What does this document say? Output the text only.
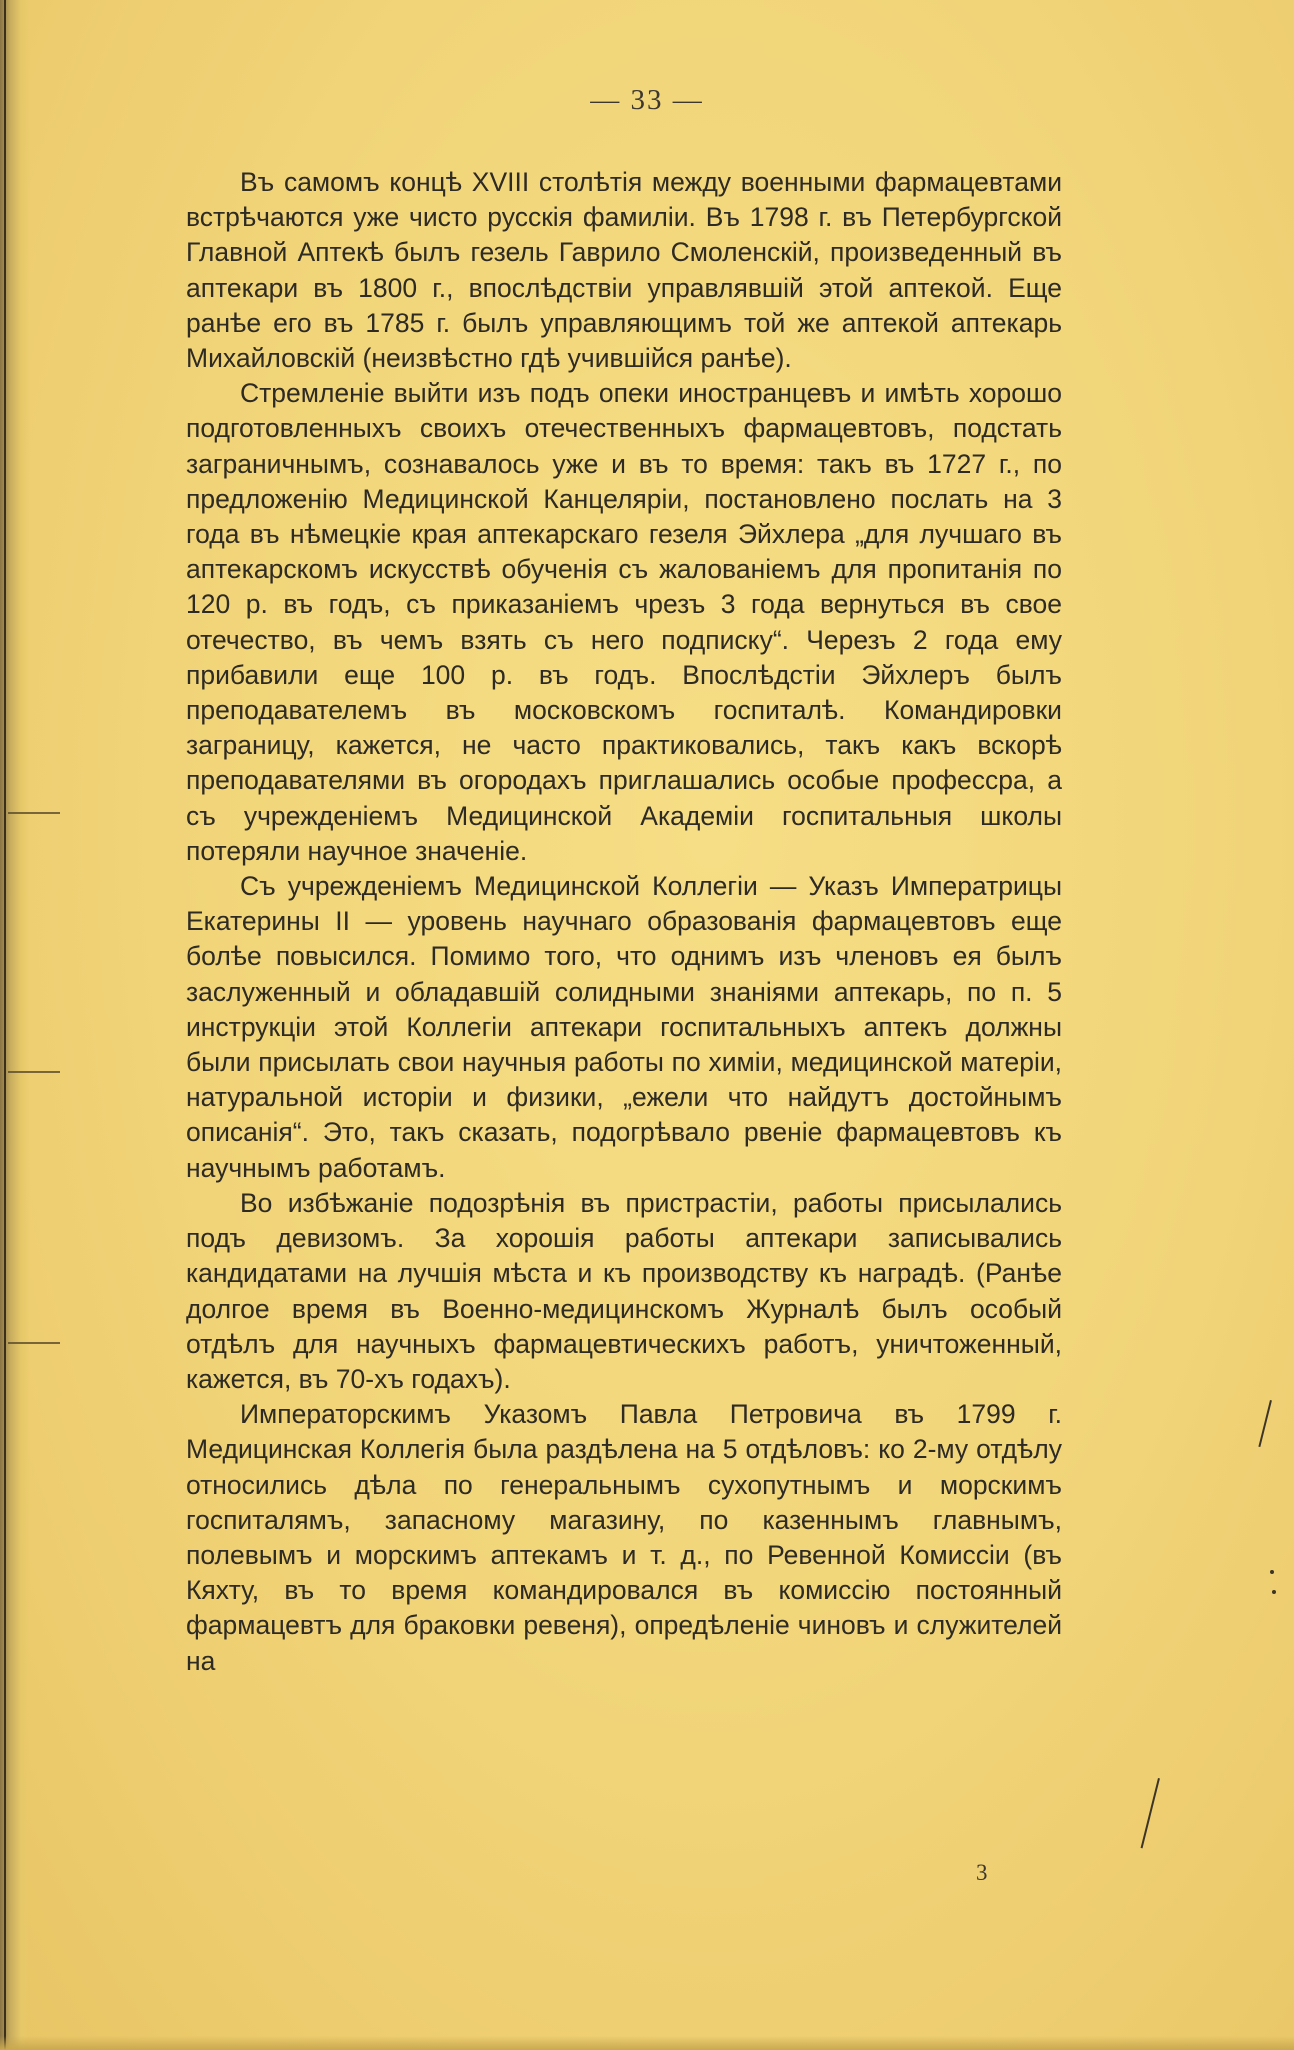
— 33 —

Въ самомъ концѣ XVIII столѣтія между военными фармацевтами встрѣчаются уже чисто русскія фамиліи. Въ 1798 г. въ Петербургской Главной Аптекѣ былъ гезель Гаврило Смоленскій, произведенный въ аптекари въ 1800 г., впослѣдствіи управлявшій этой аптекой. Еще ранѣе его въ 1785 г. былъ управляющимъ той же аптекой аптекарь Михайловскій (неизвѣстно гдѣ учившійся ранѣе).

Стремленіе выйти изъ подъ опеки иностранцевъ и имѣть хорошо подготовленныхъ своихъ отечественныхъ фармацевтовъ, подстать заграничнымъ, сознавалось уже и въ то время: такъ въ 1727 г., по предложенію Медицинской Канцеляріи, постановлено послать на 3 года въ нѣмецкіе края аптекарскаго гезеля Эйхлера „для лучшаго въ аптекарскомъ искусствѣ обученія съ жалованіемъ для пропитанія по 120 р. въ годъ, съ приказаніемъ чрезъ 3 года вернуться въ свое отечество, въ чемъ взять съ него подписку“. Черезъ 2 года ему прибавили еще 100 р. въ годъ. Впослѣдстіи Эйхлеръ былъ преподавателемъ въ московскомъ госпиталѣ. Командировки заграницу, кажется, не часто практиковались, такъ какъ вскорѣ преподавателями въ огородахъ приглашались особые профессра, а съ учрежденіемъ Медицинской Академіи госпитальныя школы потеряли научное значеніе.

Съ учрежденіемъ Медицинской Коллегіи — Указъ Императрицы Екатерины II — уровень научнаго образованія фармацевтовъ еще болѣе повысился. Помимо того, что однимъ изъ членовъ ея былъ заслуженный и обладавшій солидными знаніями аптекарь, по п. 5 инструкціи этой Коллегіи аптекари госпитальныхъ аптекъ должны были присылать свои научныя работы по химіи, медицинской матеріи, натуральной исторіи и физики, „ежели что найдутъ достойнымъ описанія“. Это, такъ сказать, подогрѣвало рвеніе фармацевтовъ къ научнымъ работамъ.

Во избѣжаніе подозрѣнія въ пристрастіи, работы присылались подъ девизомъ. За хорошія работы аптекари записывались кандидатами на лучшія мѣста и къ производству къ наградѣ. (Ранѣе долгое время въ Военно-медицинскомъ Журналѣ былъ особый отдѣлъ для научныхъ фармацевтическихъ работъ, уничтоженный, кажется, въ 70-хъ годахъ).

Императорскимъ Указомъ Павла Петровича въ 1799 г. Медицинская Коллегія была раздѣлена на 5 отдѣловъ: ко 2-му отдѣлу относились дѣла по генеральнымъ сухопутнымъ и морскимъ госпиталямъ, запасному магазину, по казеннымъ главнымъ, полевымъ и морскимъ аптекамъ и т. д., по Ревенной Комиссіи (въ Кяхту, въ то время командировался въ комиссію постоянный фармацевтъ для браковки ревеня), опредѣленіе чиновъ и служителей на

3
